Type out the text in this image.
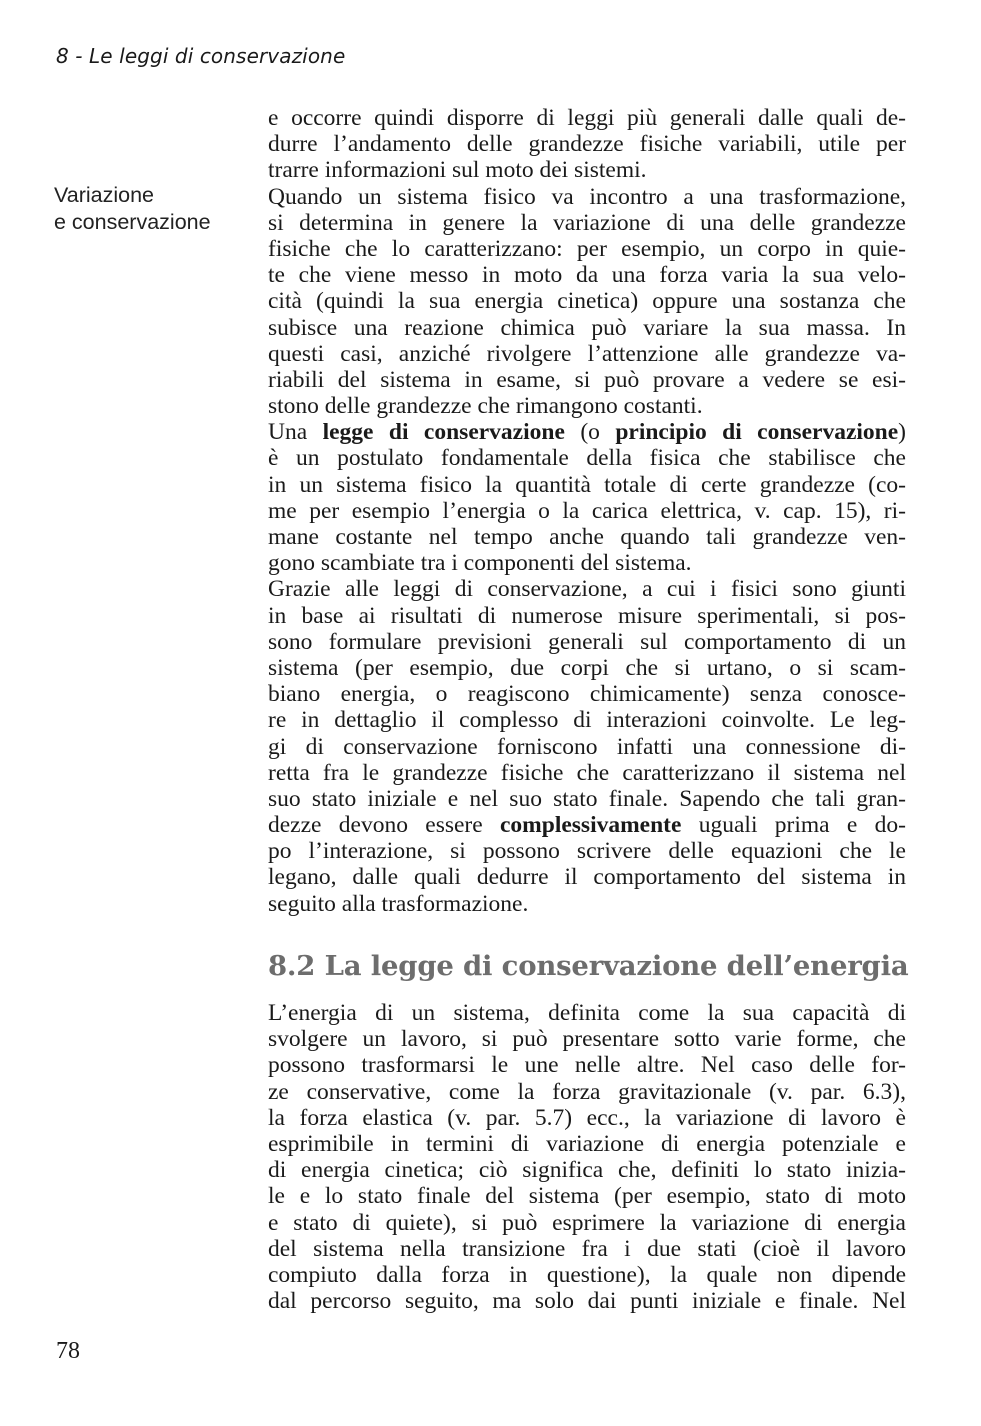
8 - Le leggi di conservazione
Variazione
e conservazione
e occorre quindi disporre di leggi più generali dalle quali de-
durre l’andamento delle grandezze fisiche variabili, utile per
trarre informazioni sul moto dei sistemi.
Quando un sistema fisico va incontro a una trasformazione,
si determina in genere la variazione di una delle grandezze
fisiche che lo caratterizzano: per esempio, un corpo in quie-
te che viene messo in moto da una forza varia la sua velo-
cità (quindi la sua energia cinetica) oppure una sostanza che
subisce una reazione chimica può variare la sua massa. In
questi casi, anziché rivolgere l’attenzione alle grandezze va-
riabili del sistema in esame, si può provare a vedere se esi-
stono delle grandezze che rimangono costanti.
Una legge di conservazione (o principio di conservazione)
è un postulato fondamentale della fisica che stabilisce che
in un sistema fisico la quantità totale di certe grandezze (co-
me per esempio l’energia o la carica elettrica, v. cap. 15), ri-
mane costante nel tempo anche quando tali grandezze ven-
gono scambiate tra i componenti del sistema.
Grazie alle leggi di conservazione, a cui i fisici sono giunti
in base ai risultati di numerose misure sperimentali, si pos-
sono formulare previsioni generali sul comportamento di un
sistema (per esempio, due corpi che si urtano, o si scam-
biano energia, o reagiscono chimicamente) senza conosce-
re in dettaglio il complesso di interazioni coinvolte. Le leg-
gi di conservazione forniscono infatti una connessione di-
retta fra le grandezze fisiche che caratterizzano il sistema nel
suo stato iniziale e nel suo stato finale. Sapendo che tali gran-
dezze devono essere complessivamente uguali prima e do-
po l’interazione, si possono scrivere delle equazioni che le
legano, dalle quali dedurre il comportamento del sistema in
seguito alla trasformazione.
8.2 La legge di conservazione dell’energia
L’energia di un sistema, definita come la sua capacità di
svolgere un lavoro, si può presentare sotto varie forme, che
possono trasformarsi le une nelle altre. Nel caso delle for-
ze conservative, come la forza gravitazionale (v. par. 6.3),
la forza elastica (v. par. 5.7) ecc., la variazione di lavoro è
esprimibile in termini di variazione di energia potenziale e
di energia cinetica; ciò significa che, definiti lo stato inizia-
le e lo stato finale del sistema (per esempio, stato di moto
e stato di quiete), si può esprimere la variazione di energia
del sistema nella transizione fra i due stati (cioè il lavoro
compiuto dalla forza in questione), la quale non dipende
dal percorso seguito, ma solo dai punti iniziale e finale. Nel
78
